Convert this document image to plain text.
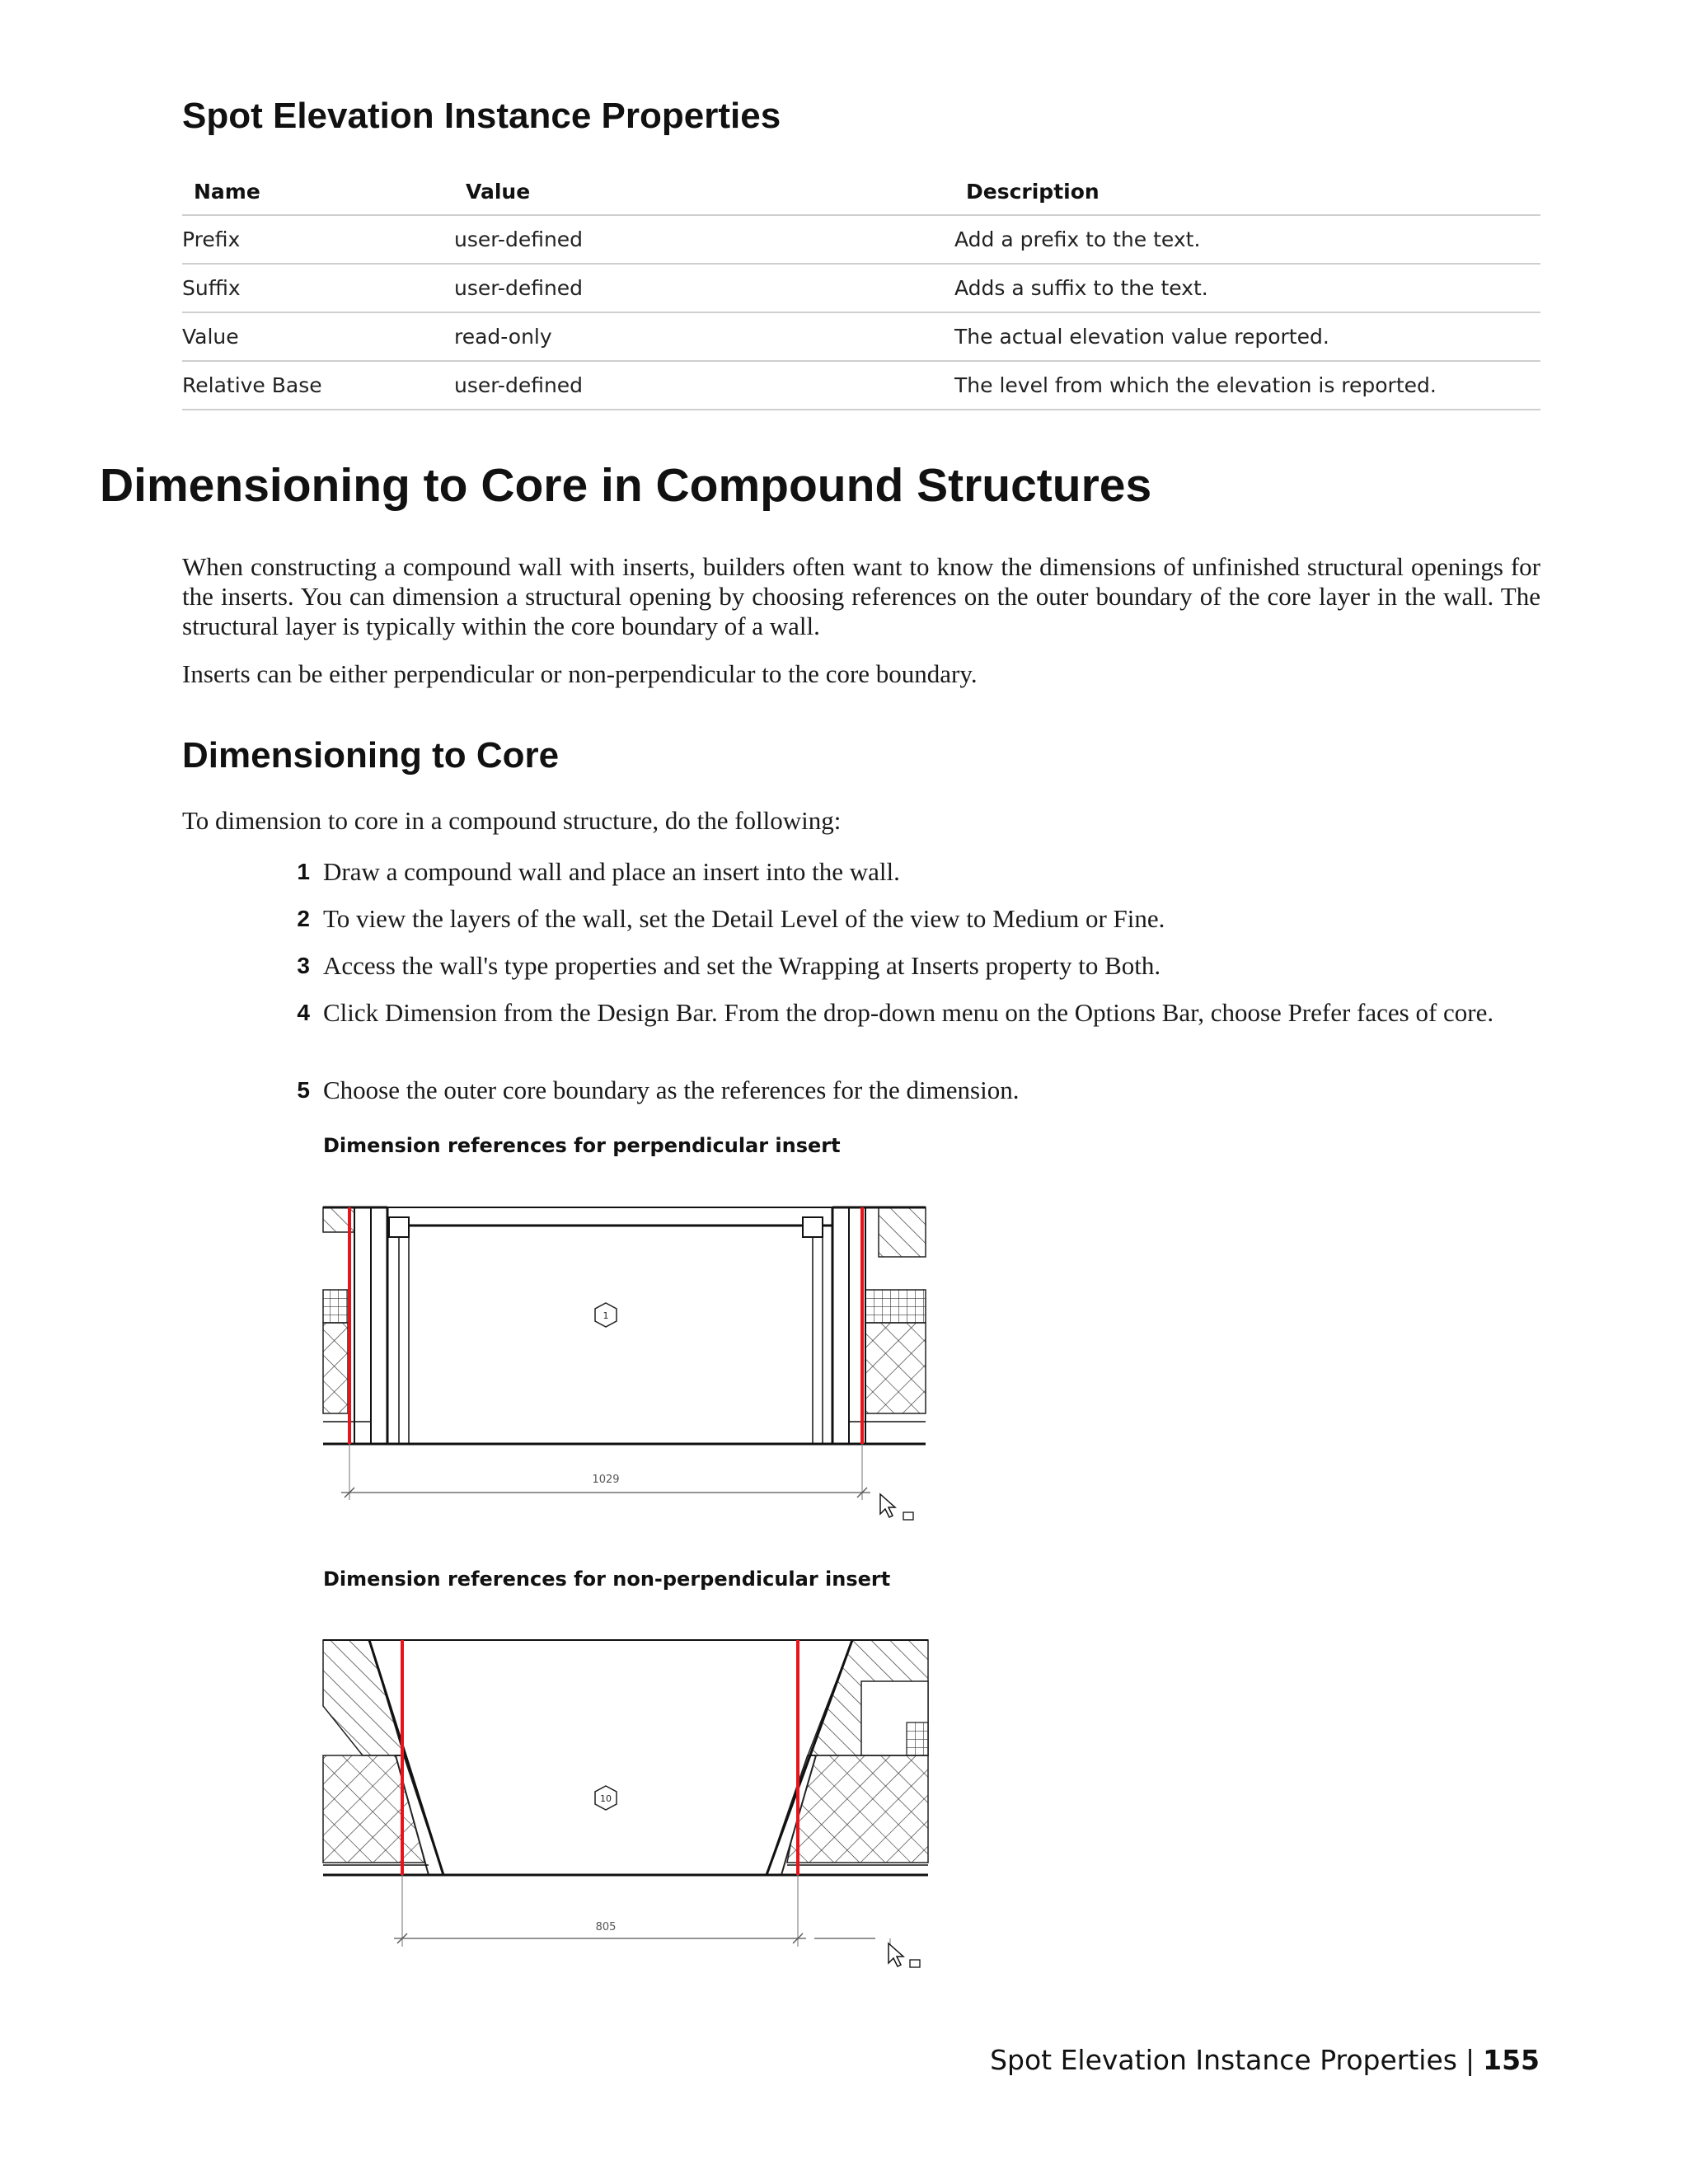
Spot Elevation Instance Properties
Name	Value	Description
Prefix	user-defined	Add a prefix to the text.
Suffix	user-defined	Adds a suffix to the text.
Value	read-only	The actual elevation value reported.
Relative Base	user-defined	The level from which the elevation is reported.
Dimensioning to Core in Compound Structures

When constructing a compound wall with inserts, builders often want to know the dimensions of unfinished structural openings for the inserts. You can dimension a structural opening by choosing references on the outer boundary of the core layer in the wall. The structural layer is typically within the core boundary of a wall.

Inserts can be either perpendicular or non-perpendicular to the core boundary.

Dimensioning to Core

To dimension to core in a compound structure, do the following:

1 Draw a compound wall and place an insert into the wall.
2 To view the layers of the wall, set the Detail Level of the view to Medium or Fine.
3 Access the wall's type properties and set the Wrapping at Inserts property to Both.
4 Click Dimension from the Design Bar. From the drop-down menu on the Options Bar, choose Prefer faces of core.
5 Choose the outer core boundary as the references for the dimension.
Dimension references for perpendicular insert
1
1029
Dimension references for non-perpendicular insert
10
805
Spot Elevation Instance Properties | 155
